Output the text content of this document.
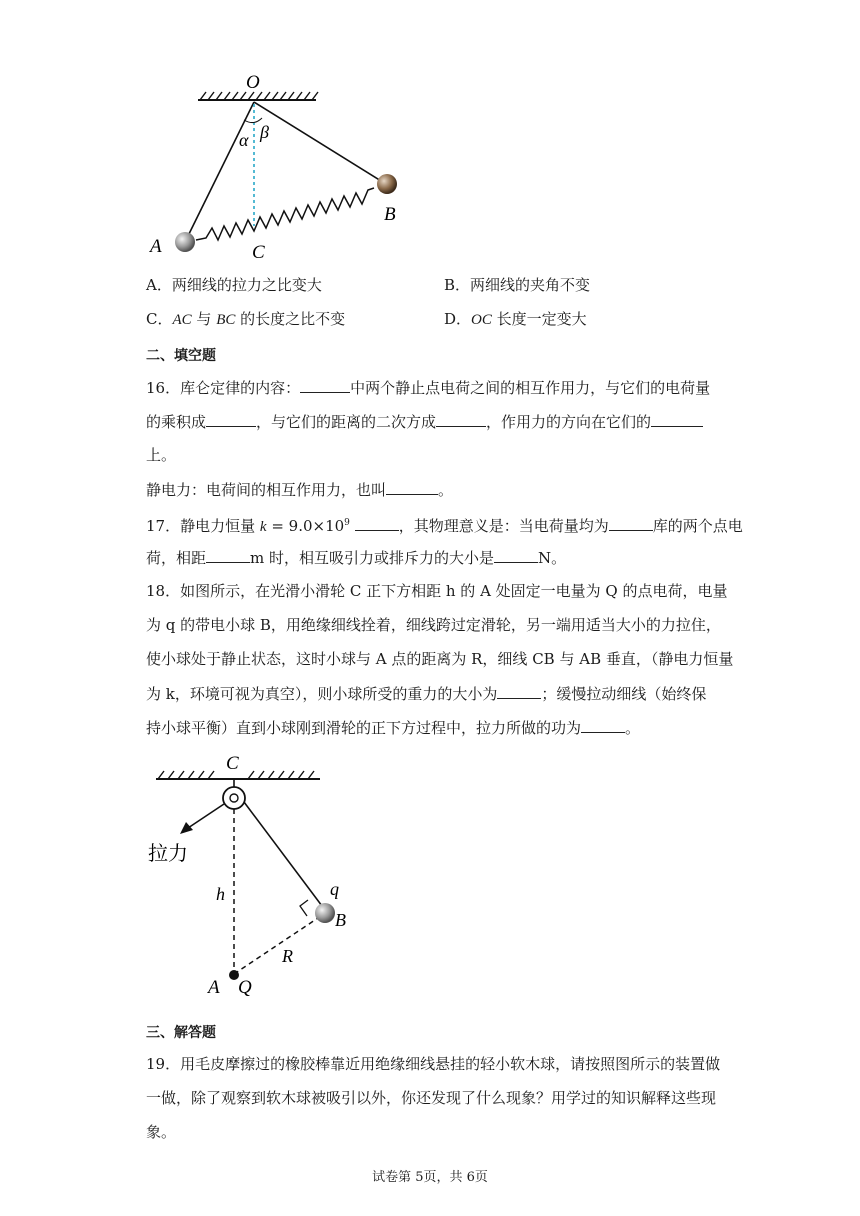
O
α β
A
B
C
A．两细线的拉力之比变大	B．两细线的夹角不变
C．AC 与 BC 的长度之比不变	D．OC 长度一定变大
二、填空题
16．库仑定律的内容：	中两个静止点电荷之间的相互作用力，与它们的电荷量
的乘积成	，与它们的距离的二次方成	，作用力的方向在它们的
上。
静电力：电荷间的相互作用力，也叫	。
17．静电力恒量 $k = 9.0\times 10^9$	，其物理意义是：当电荷量均为	库的两个点电
荷，相距	m 时，相互吸引力或排斥力的大小是	N。
18．如图所示，在光滑小滑轮 C 正下方相距 h 的 A 处固定一电量为 Q 的点电荷，电量
为 q 的带电小球 B，用绝缘细线拴着，细线跨过定滑轮，另一端用适当大小的力拉住，
使小球处于静止状态，这时小球与 A 点的距离为 R，细线 CB 与 AB 垂直，（静电力恒量
为 k，环境可视为真空），则小球所受的重力的大小为	；缓慢拉动细线（始终保
持小球平衡）直到小球刚到滑轮的正下方过程中，拉力所做的功为	。
C
拉力
h	q
B
R
A Q
三、解答题
19．用毛皮摩擦过的橡胶棒靠近用绝缘细线悬挂的轻小软木球，请按照图所示的装置做
一做，除了观察到软木球被吸引以外，你还发现了什么现象？用学过的知识解释这些现
象。
试卷第 5页，共 6页
